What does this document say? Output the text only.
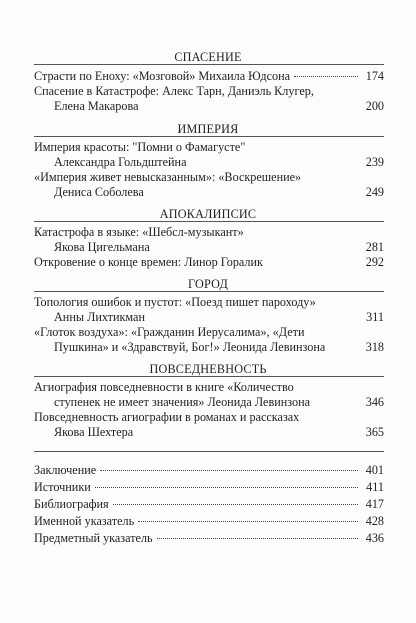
СПАСЕНИЕ
Страсти по Еноху: «Мозговой» Михаила Юдсона	174
Спасение в Катастрофе: Алекс Тарн, Даниэль Клугер,
Елена Макарова	200
ИМПЕРИЯ
Империя красоты: "Помни о Фамагусте"
Александра Гольдштейна	239
«Империя живет невысказанным»: «Воскрешение»
Дениса Соболева	249
АПОКАЛИПСИС
Катастрофа в языке: «Шебсл-музыкант»
Якова Цигельмана	281
Откровение о конце времен: Линор Горалик	292
ГОРОД
Топология ошибок и пустот: «Поезд пишет пароходу»
Анны Лихтикман	311
«Глоток воздуха»: «Гражданин Иерусалима», «Дети
Пушкина» и «Здравствуй, Бог!» Леонида Левинзона	318
ПОВСЕДНЕВНОСТЬ
Агиография повседневности в книге «Количество
ступенек не имеет значения» Леонида Левинзона	346
Повседневность агиографии в романах и рассказах
Якова Шехтера	365
Заключение	401
Источники	411
Библиография	417
Именной указатель	428
Предметный указатель	436
